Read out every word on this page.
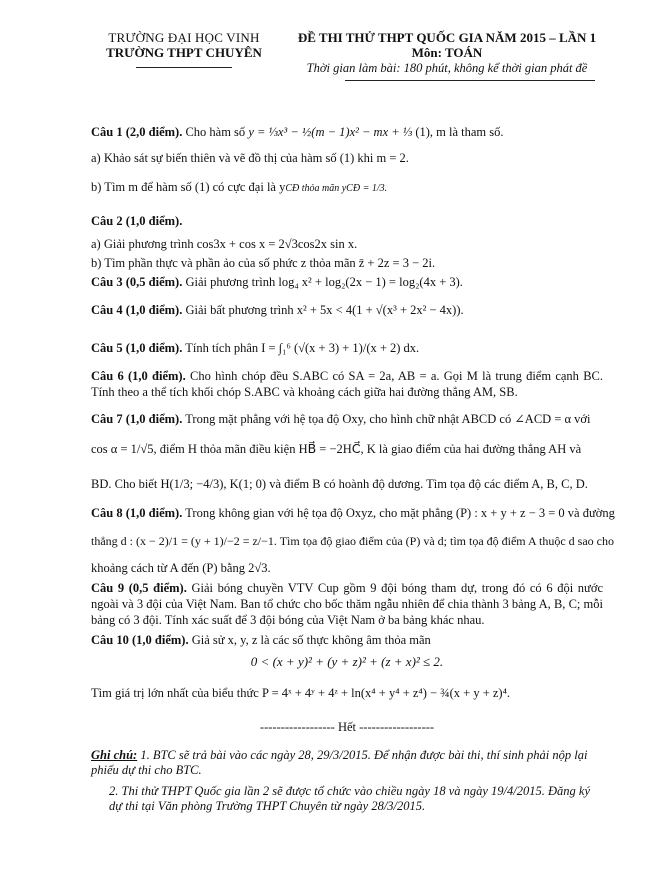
TRƯỜNG ĐẠI HỌC VINH
TRƯỜNG THPT CHUYÊN
ĐỀ THI THỬ THPT QUỐC GIA NĂM 2015 – LẦN 1
Môn: TOÁN
Thời gian làm bài: 180 phút, không kể thời gian phát đề
Câu 1 (2,0 điểm). Cho hàm số y = ⅓x³ − ½(m − 1)x² − mx + ⅓ (1), m là tham số.
a) Khảo sát sự biến thiên và vẽ đồ thị của hàm số (1) khi m = 2.
b) Tìm m để hàm số (1) có cực đại là yCĐ thỏa mãn yCĐ = 1/3.
Câu 2 (1,0 điểm).
a) Giải phương trình cos3x + cos x = 2√3cos2x sin x.
b) Tìm phần thực và phần ảo của số phức z thỏa mãn z̄ + 2z = 3 − 2i.
Câu 3 (0,5 điểm). Giải phương trình log₄ x² + log₂(2x − 1) = log₂(4x + 3).
Câu 4 (1,0 điểm). Giải bất phương trình x² + 5x < 4(1 + √(x³ + 2x² − 4x)).
Câu 5 (1,0 điểm). Tính tích phân I = ∫₁⁶ (√(x + 3) + 1)/(x + 2) dx.
Câu 6 (1,0 điểm). Cho hình chóp đều S.ABC có SA = 2a, AB = a. Gọi M là trung điểm cạnh BC. Tính theo a thể tích khối chóp S.ABC và khoảng cách giữa hai đường thẳng AM, SB.
Câu 7 (1,0 điểm). Trong mặt phẳng với hệ tọa độ Oxy, cho hình chữ nhật ABCD có ∠ACD = α với
cos α = 1/√5, điểm H thỏa mãn điều kiện HB⃗ = −2HC⃗, K là giao điểm của hai đường thẳng AH và
BD. Cho biết H(1/3; −4/3), K(1; 0) và điểm B có hoành độ dương. Tìm tọa độ các điểm A, B, C, D.
Câu 8 (1,0 điểm). Trong không gian với hệ tọa độ Oxyz, cho mặt phẳng (P) : x + y + z − 3 = 0 và đường
thẳng d : (x − 2)/1 = (y + 1)/−2 = z/−1. Tìm tọa độ giao điểm của (P) và d; tìm tọa độ điểm A thuộc d sao cho
khoảng cách từ A đến (P) bằng 2√3.
Câu 9 (0,5 điểm). Giải bóng chuyền VTV Cup gồm 9 đội bóng tham dự, trong đó có 6 đội nước ngoài và 3 đội của Việt Nam. Ban tổ chức cho bốc thăm ngẫu nhiên để chia thành 3 bảng A, B, C; mỗi bảng có 3 đội. Tính xác suất để 3 đội bóng của Việt Nam ở ba bảng khác nhau.
Câu 10 (1,0 điểm). Giả sử x, y, z là các số thực không âm thỏa mãn
0 < (x + y)² + (y + z)² + (z + x)² ≤ 2.
Tìm giá trị lớn nhất của biểu thức P = 4ˣ + 4ʸ + 4ᶻ + ln(x⁴ + y⁴ + z⁴) − ¾(x + y + z)⁴.
------------------ Hết ------------------
Ghi chú: 1. BTC sẽ trả bài vào các ngày 28, 29/3/2015. Để nhận được bài thi, thí sinh phải nộp lại phiếu dự thi cho BTC.
2. Thi thử THPT Quốc gia lần 2 sẽ được tổ chức vào chiều ngày 18 và ngày 19/4/2015. Đăng ký dự thi tại Văn phòng Trường THPT Chuyên từ ngày 28/3/2015.
